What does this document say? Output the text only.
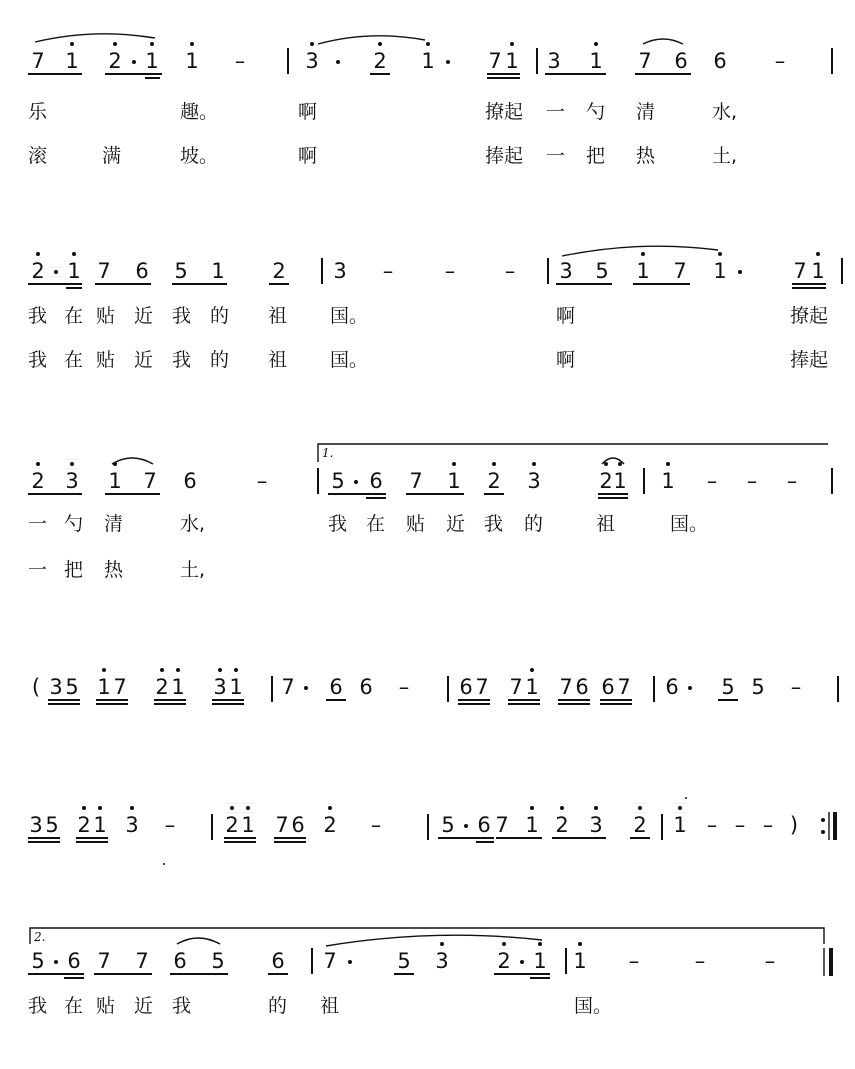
7 1 2 1 1 –	3	2 1	7 1 3 1 7 6 6 –
乐	趣。	啊	撩起 一 勺 清	水,
滚	满	坡。	啊	捧起 一 把 热	土,
2 1 7 6 5 1 2 3 – – – 3 5 1 7 1	7 1
我 在 贴 近 我 的 祖 国。	啊	撩起
我 在 贴 近 我 的 祖 国。	啊	捧起
1.
2 3 1 7 6	–	5 6 7 1 2 3	2 1 1 – – –
一 勺 清	水,	我 在 贴 近 我 的	祖	国。
一 把 热	土,
( 3 5 1 7 2 1 3 1 7 6 6 – 6 7 7 1 7 6 6 7 6 5 5 –
3 5 2 1 3 – 2 1 7 6 2 –	5 6 7 1 2 3 2 1 – – – )
2.
5 6 7 7 6 5 6 7	5 3 2 1 1 –	–	–
我 在 贴 近 我	的 祖	国。
